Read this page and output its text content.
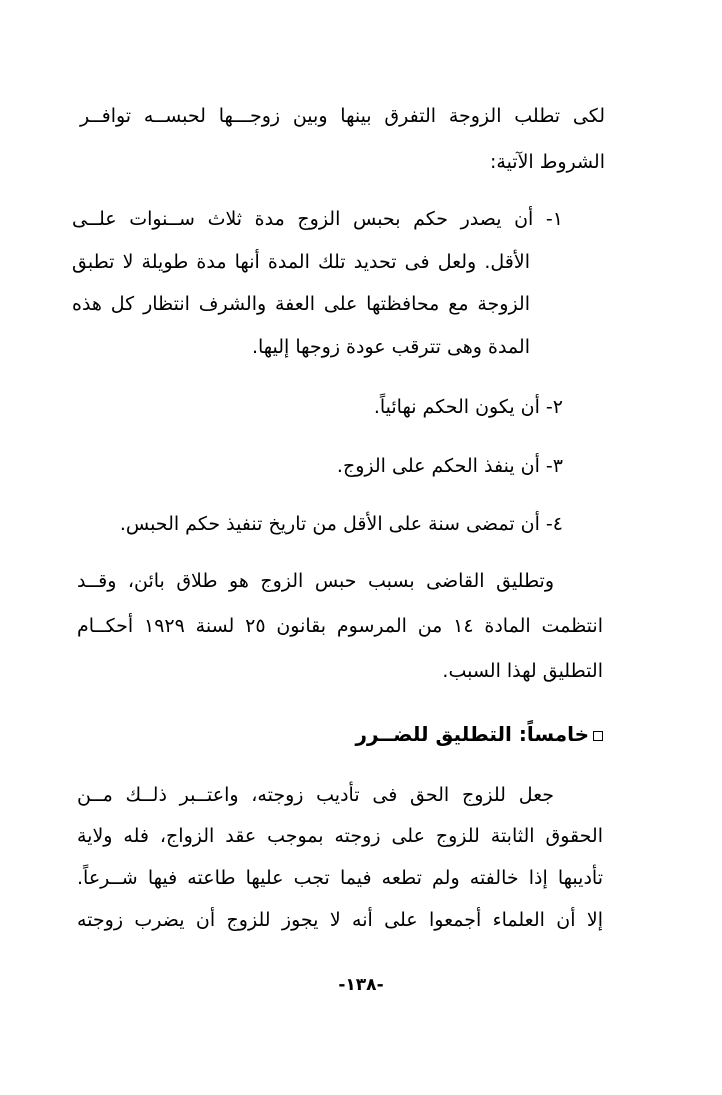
لكى تطلب الزوجة التفرق بينها وبين زوجـــها لحبســه توافــر
الشروط الآتية:
١- أن يصدر حكم بحبس الزوج مدة ثلاث ســنوات علــى
الأقل. ولعل فى تحديد تلك المدة أنها مدة طويلة لا تطبق
الزوجة مع محافظتها على العفة والشرف انتظار كل هذه
المدة وهى تترقب عودة زوجها إليها.
٢- أن يكون الحكم نهائياً.
٣- أن ينفذ الحكم على الزوج.
٤- أن تمضى سنة على الأقل من تاريخ تنفيذ حكم الحبس.
وتطليق القاضى بسبب حبس الزوج هو طلاق بائن، وقــد
انتظمت المادة ١٤ من المرسوم بقانون ٢٥ لسنة ١٩٢٩ أحكــام
التطليق لهذا السبب.
خامساً: التطليق للضــرر
جعل للزوج الحق فى تأديب زوجته، واعتــبر ذلــك مــن
الحقوق الثابتة للزوج على زوجته بموجب عقد الزواج، فله ولاية
تأديبها إذا خالفته ولم تطعه فيما تجب عليها طاعته فيها شــرعاً.
إلا أن العلماء أجمعوا على أنه لا يجوز للزوج أن يضرب زوجته
-١٣٨-
